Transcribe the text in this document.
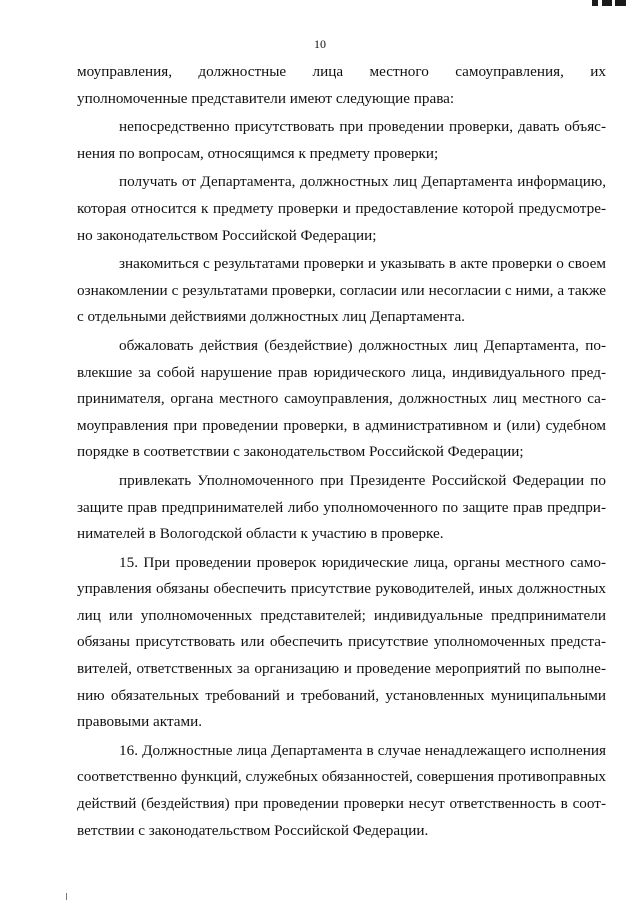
10

моуправления, должностные лица местного самоуправления, их уполномоченные представители имеют следующие права:

непосредственно присутствовать при проведении проверки, давать объяснения по вопросам, относящимся к предмету проверки;

получать от Департамента, должностных лиц Департамента информацию, которая относится к предмету проверки и предоставление которой предусмотрено законодательством Российской Федерации;

знакомиться с результатами проверки и указывать в акте проверки о своем ознакомлении с результатами проверки, согласии или несогласии с ними, а также с отдельными действиями должностных лиц Департамента.

обжаловать действия (бездействие) должностных лиц Департамента, повлекшие за собой нарушение прав юридического лица, индивидуального предпринимателя, органа местного самоуправления, должностных лиц местного самоуправления при проведении проверки, в административном и (или) судебном порядке в соответствии с законодательством Российской Федерации;

привлекать Уполномоченного при Президенте Российской Федерации по защите прав предпринимателей либо уполномоченного по защите прав предпринимателей в Вологодской области к участию в проверке.

15. При проведении проверок юридические лица, органы местного самоуправления обязаны обеспечить присутствие руководителей, иных должностных лиц или уполномоченных представителей; индивидуальные предприниматели обязаны присутствовать или обеспечить присутствие уполномоченных представителей, ответственных за организацию и проведение мероприятий по выполнению обязательных требований и требований, установленных муниципальными правовыми актами.

16. Должностные лица Департамента в случае ненадлежащего исполнения соответственно функций, служебных обязанностей, совершения противоправных действий (бездействия) при проведении проверки несут ответственность в соответствии с законодательством Российской Федерации.
